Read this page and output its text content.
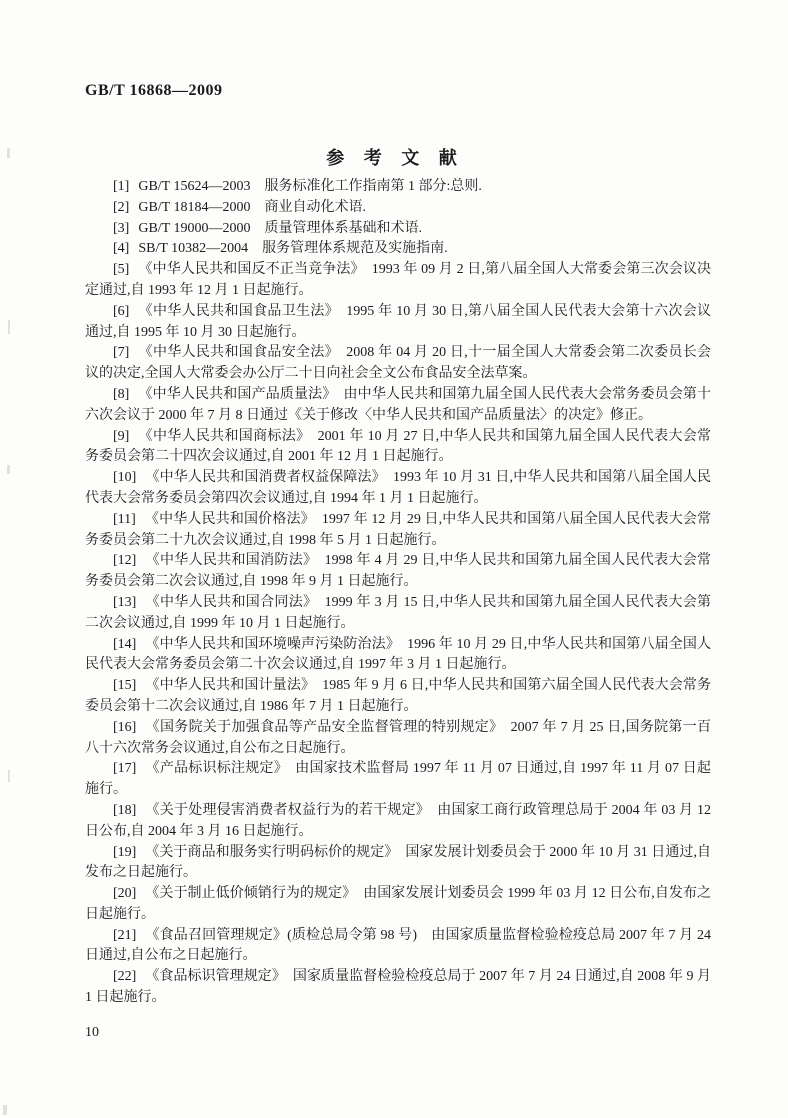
GB/T 16868—2009
参 考 文 献

[1] GB/T 15624—2003　服务标准化工作指南第 1 部分:总则.

[2] GB/T 18184—2000　商业自动化术语.

[3] GB/T 19000—2000　质量管理体系基础和术语.

[4] SB/T 10382—2004　服务管理体系规范及实施指南.

[5] 《中华人民共和国反不正当竞争法》　1993 年 09 月 2 日,第八届全国人大常委会第三次会议决定通过,自 1993 年 12 月 1 日起施行。

[6] 《中华人民共和国食品卫生法》　1995 年 10 月 30 日,第八届全国人民代表大会第十六次会议通过,自 1995 年 10 月 30 日起施行。

[7] 《中华人民共和国食品安全法》　2008 年 04 月 20 日,十一届全国人大常委会第二次委员长会议的决定,全国人大常委会办公厅二十日向社会全文公布食品安全法草案。

[8] 《中华人民共和国产品质量法》　由中华人民共和国第九届全国人民代表大会常务委员会第十六次会议于 2000 年 7 月 8 日通过《关于修改〈中华人民共和国产品质量法〉的决定》修正。

[9] 《中华人民共和国商标法》　2001 年 10 月 27 日,中华人民共和国第九届全国人民代表大会常务委员会第二十四次会议通过,自 2001 年 12 月 1 日起施行。

[10] 《中华人民共和国消费者权益保障法》　1993 年 10 月 31 日,中华人民共和国第八届全国人民代表大会常务委员会第四次会议通过,自 1994 年 1 月 1 日起施行。

[11] 《中华人民共和国价格法》　1997 年 12 月 29 日,中华人民共和国第八届全国人民代表大会常务委员会第二十九次会议通过,自 1998 年 5 月 1 日起施行。

[12] 《中华人民共和国消防法》　1998 年 4 月 29 日,中华人民共和国第九届全国人民代表大会常务委员会第二次会议通过,自 1998 年 9 月 1 日起施行。

[13] 《中华人民共和国合同法》　1999 年 3 月 15 日,中华人民共和国第九届全国人民代表大会第二次会议通过,自 1999 年 10 月 1 日起施行。

[14] 《中华人民共和国环境噪声污染防治法》　1996 年 10 月 29 日,中华人民共和国第八届全国人民代表大会常务委员会第二十次会议通过,自 1997 年 3 月 1 日起施行。

[15] 《中华人民共和国计量法》　1985 年 9 月 6 日,中华人民共和国第六届全国人民代表大会常务委员会第十二次会议通过,自 1986 年 7 月 1 日起施行。

[16] 《国务院关于加强食品等产品安全监督管理的特别规定》　2007 年 7 月 25 日,国务院第一百八十六次常务会议通过,自公布之日起施行。

[17] 《产品标识标注规定》　由国家技术监督局 1997 年 11 月 07 日通过,自 1997 年 11 月 07 日起施行。

[18] 《关于处理侵害消费者权益行为的若干规定》　由国家工商行政管理总局于 2004 年 03 月 12 日公布,自 2004 年 3 月 16 日起施行。

[19] 《关于商品和服务实行明码标价的规定》　国家发展计划委员会于 2000 年 10 月 31 日通过,自发布之日起施行。

[20] 《关于制止低价倾销行为的规定》　由国家发展计划委员会 1999 年 03 月 12 日公布,自发布之日起施行。

[21] 《食品召回管理规定》(质检总局令第 98 号)　由国家质量监督检验检疫总局 2007 年 7 月 24 日通过,自公布之日起施行。

[22] 《食品标识管理规定》　国家质量监督检验检疫总局于 2007 年 7 月 24 日通过,自 2008 年 9 月 1 日起施行。

10
